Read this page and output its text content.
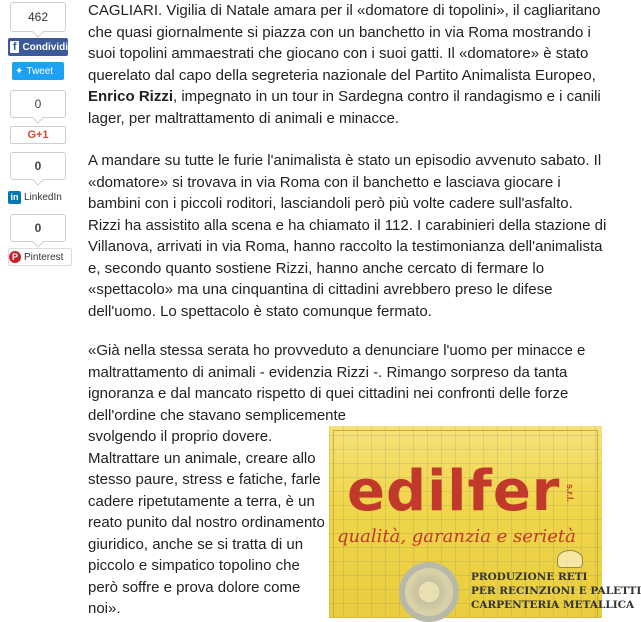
462
f Condividi
✦ Tweet
0
G+1
0
in LinkedIn
0
P Pinterest

CAGLIARI. Vigilia di Natale amara per il «domatore di topolini», il cagliaritano che quasi giornalmente si piazza con un banchetto in via Roma mostrando i suoi topolini ammaestrati che giocano con i suoi gatti. Il «domatore» è stato querelato dal capo della segreteria nazionale del Partito Animalista Europeo, Enrico Rizzi, impegnato in un tour in Sardegna contro il randagismo e i canili lager, per maltrattamento di animali e minacce.

A mandare su tutte le furie l'animalista è stato un episodio avvenuto sabato. Il «domatore» si trovava in via Roma con il banchetto e lasciava giocare i bambini con i piccoli roditori, lasciandoli però più volte cadere sull'asfalto. Rizzi ha assistito alla scena e ha chiamato il 112. I carabinieri della stazione di Villanova, arrivati in via Roma, hanno raccolto la testimonianza dell'animalista e, secondo quanto sostiene Rizzi, hanno anche cercato di fermare lo «spettacolo» ma una cinquantina di cittadini avrebbero preso le difese dell'uomo. Lo spettacolo è stato comunque fermato.

«Già nella stessa serata ho provveduto a denunciare l'uomo per minacce e maltrattamento di animali - evidenzia Rizzi -. Rimango sorpreso da tanta ignoranza e dal mancato rispetto di quei cittadini nei confronti delle forze dell'ordine che stavano semplicemente
svolgendo il proprio dovere. Maltrattare un animale, creare allo stesso paure, stress e fatiche, farle cadere ripetutamente a terra, è un reato punito dal nostro ordinamento giuridico, anche se si tratta di un piccolo e simpatico topolino che però soffre e prova dolore come noi».
edilfer s.r.l.
qualità, garanzia e serietà
PRODUZIONE RETI
PER RECINZIONI E PALETTI
CARPENTERIA METALLICA
